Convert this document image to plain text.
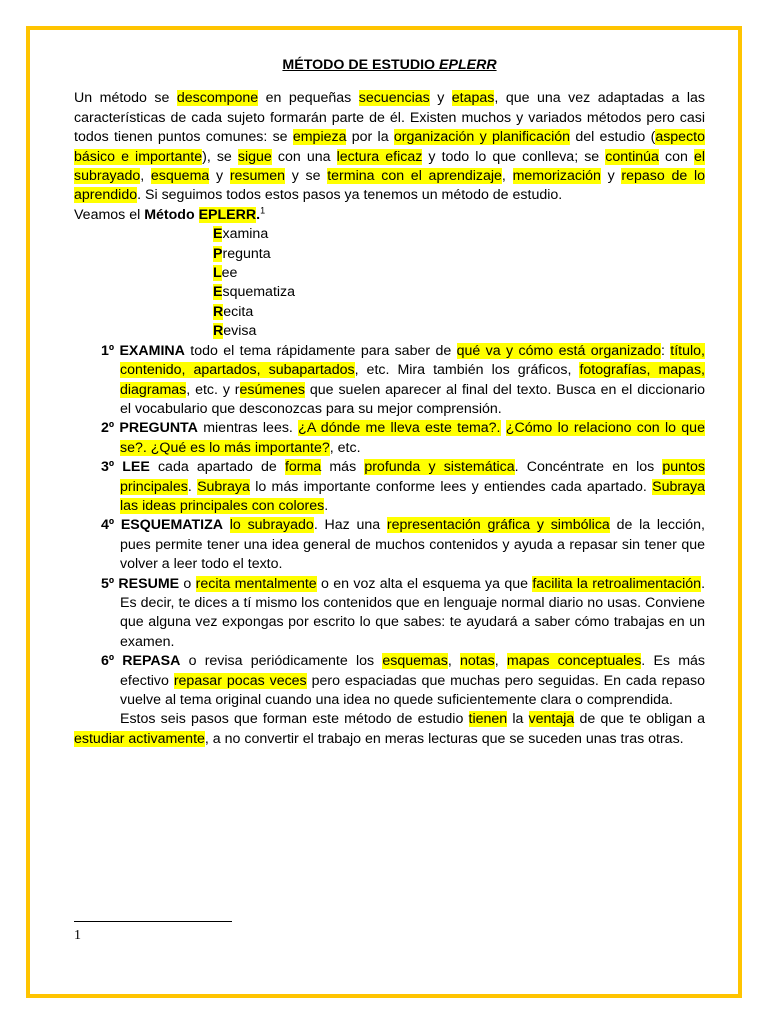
MÉTODO DE ESTUDIO EPLERR

Un método se descompone en pequeñas secuencias y etapas, que una vez adaptadas a las características de cada sujeto formarán parte de él. Existen muchos y variados métodos pero casi todos tienen puntos comunes: se empieza por la organización y planificación del estudio (aspecto básico e importante), se sigue con una lectura eficaz y todo lo que conlleva; se continúa con el subrayado, esquema y resumen y se termina con el aprendizaje, memorización y repaso de lo aprendido. Si seguimos todos estos pasos ya tenemos un método de estudio.

Veamos el Método EPLERR.$^1$

Examina

Pregunta

Lee

Esquematiza

Recita

Revisa

1º EXAMINA todo el tema rápidamente para saber de qué va y cómo está organizado: título, contenido, apartados, subapartados, etc. Mira también los gráficos, fotografías, mapas, diagramas, etc. y resúmenes que suelen aparecer al final del texto. Busca en el diccionario el vocabulario que desconozcas para su mejor comprensión.

2º PREGUNTA mientras lees. ¿A dónde me lleva este tema?. ¿Cómo lo relaciono con lo que se?. ¿Qué es lo más importante?, etc.

3º LEE cada apartado de forma más profunda y sistemática. Concéntrate en los puntos principales. Subraya lo más importante conforme lees y entiendes cada apartado. Subraya las ideas principales con colores.

4º ESQUEMATIZA lo subrayado. Haz una representación gráfica y simbólica de la lección, pues permite tener una idea general de muchos contenidos y ayuda a repasar sin tener que volver a leer todo el texto.

5º RESUME o recita mentalmente o en voz alta el esquema ya que facilita la retroalimentación. Es decir, te dices a tí mismo los contenidos que en lenguaje normal diario no usas. Conviene que alguna vez expongas por escrito lo que sabes: te ayudará a saber cómo trabajas en un examen.

6º REPASA o revisa periódicamente los esquemas, notas, mapas conceptuales. Es más efectivo repasar pocas veces pero espaciadas que muchas pero seguidas. En cada repaso vuelve al tema original cuando una idea no quede suficientemente clara o comprendida.

Estos seis pasos que forman este método de estudio tienen la ventaja de que te obligan a estudiar activamente, a no convertir el trabajo en meras lecturas que se suceden unas tras otras.

1
